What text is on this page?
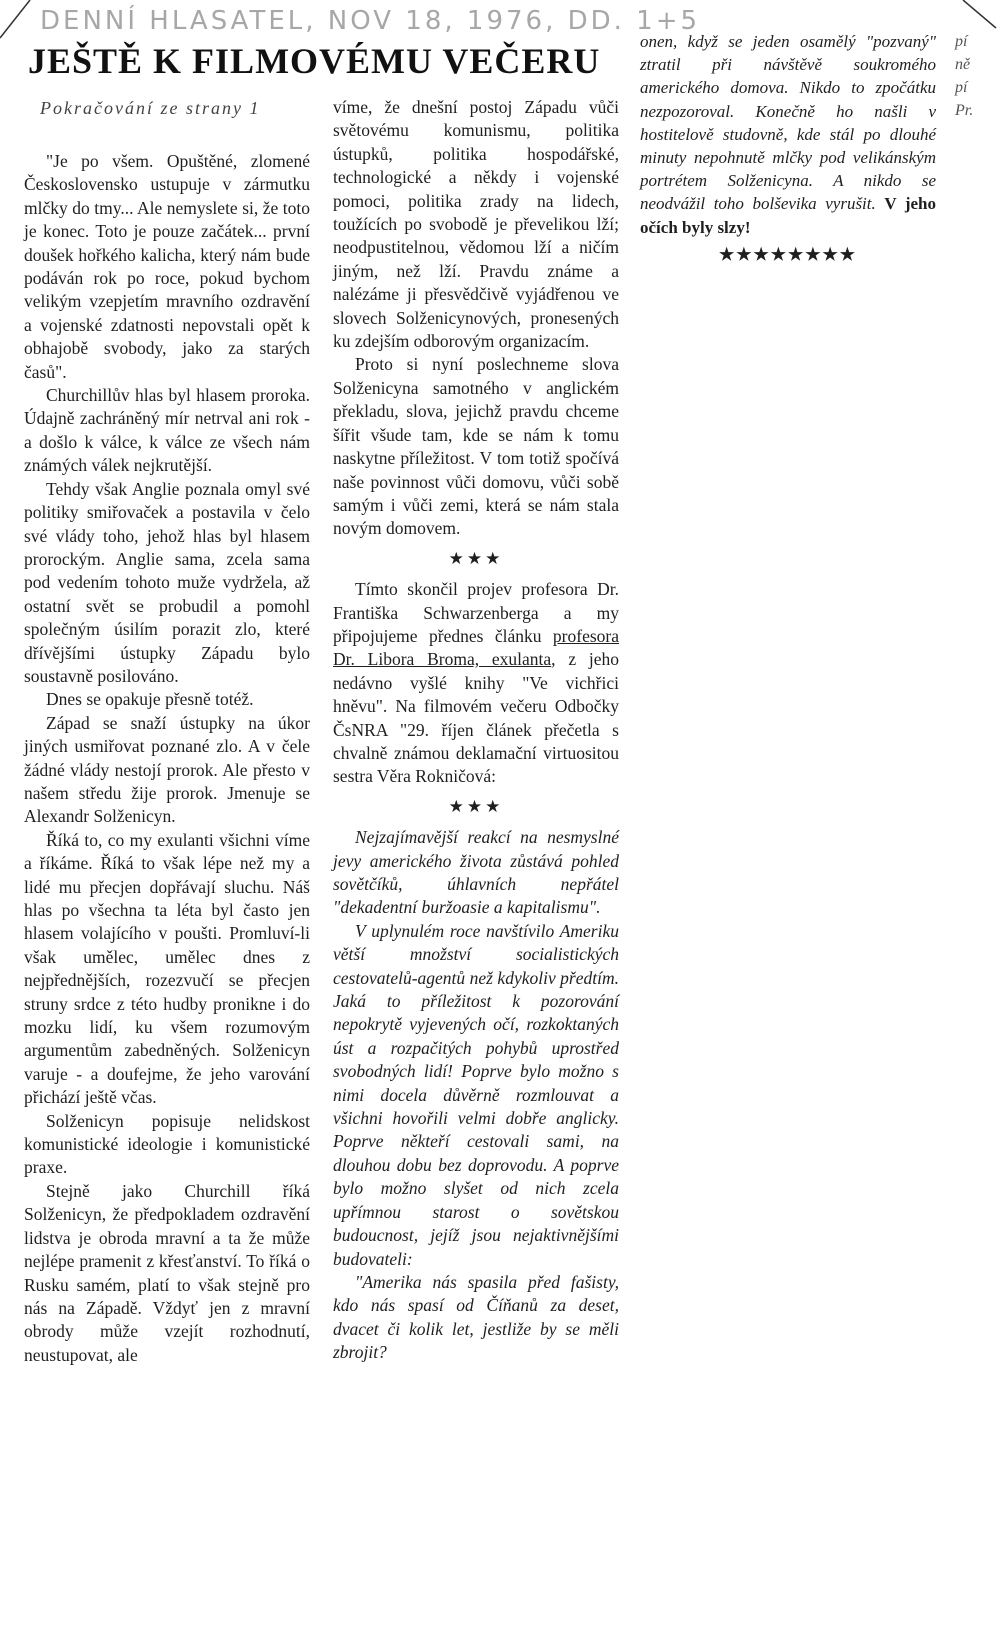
DENNÍ HLASATEL, NOV 18, 1976, DD. 1+5
JEŠTĚ K FILMOVÉMU VEČERU
Pokračování ze strany 1

"Je po všem. Opuštěné, zlomené Československo ustupuje v zármutku mlčky do tmy... Ale nemyslete si, že toto je konec. Toto je pouze začátek... první doušek hořkého kalicha, který nám bude podáván rok po roce, pokud bychom velikým vzepjetím mravního ozdravění a vojenské zdatnosti nepovstali opět k obhajobě svobody, jako za starých časů".

Churchillův hlas byl hlasem proroka. Údajně zachráněný mír netrval ani rok - a došlo k válce, k válce ze všech nám známých válek nejkrutější.

Tehdy však Anglie poznala omyl své politiky smiřovaček a postavila v čelo své vlády toho, jehož hlas byl hlasem prorockým. Anglie sama, zcela sama pod vedením tohoto muže vydržela, až ostatní svět se probudil a pomohl společným úsilím porazit zlo, které dřívějšími ústupky Západu bylo soustavně posilováno.

Dnes se opakuje přesně totéž.

Západ se snaží ústupky na úkor jiných usmiřovat poznané zlo. A v čele žádné vlády nestojí prorok. Ale přesto v našem středu žije prorok. Jmenuje se Alexandr Solženicyn.

Říká to, co my exulanti všichni víme a říkáme. Říká to však lépe než my a lidé mu přecjen dopřávají sluchu. Náš hlas po všechna ta léta byl často jen hlasem volajícího v poušti. Promluví-li však umělec, umělec dnes z nejpřednějších, rozezvučí se přecjen struny srdce z této hudby pronikne i do mozku lidí, ku všem rozumovým argumentům zabedněných. Solženicyn varuje - a doufejme, že jeho varování přichází ještě včas.

Solženicyn popisuje nelidskost komunistické ideologie i komunistické praxe.

Stejně jako Churchill říká Solženicyn, že předpokladem ozdravění lidstva je obroda mravní a ta že může nejlépe pramenit z křesťanství. To říká o Rusku samém, platí to však stejně pro nás na Západě. Vždyť jen z mravní obrody může vzejít rozhodnutí, neustupovat, ale

víme, že dnešní postoj Západu vůči světovému komunismu, politika ústupků, politika hospodářské, technologické a někdy i vojenské pomoci, politika zrady na lidech, toužících po svobodě je převelikou lží; neodpustitelnou, vědomou lží a ničím jiným, než lží. Pravdu známe a nalézáme ji přesvědčivě vyjádřenou ve slovech Solženicynových, pronesených ku zdejším odborovým organizacím.

Proto si nyní poslechneme slova Solženicyna samotného v anglickém překladu, slova, jejichž pravdu chceme šířit všude tam, kde se nám k tomu naskytne příležitost. V tom totiž spočívá naše povinnost vůči domovu, vůči sobě samým i vůči zemi, která se nám stala novým domovem.

★★★

Tímto skončil projev profesora Dr. Františka Schwarzenberga a my připojujeme přednes článku profesora Dr. Libora Broma, exulanta, z jeho nedávno vyšlé knihy "Ve vichřici hněvu". Na filmovém večeru Odbočky ČsNRA "29. říjen článek přečetla s chvalně známou deklamační virtuositou sestra Věra Rokničová:

★★★

Nejzajímavější reakcí na nesmyslné jevy amerického života zůstává pohled sovětčíků, úhlavních nepřátel "dekadentní buržoasie a kapitalismu".

V uplynulém roce navštívilo Ameriku větší množství socialistických cestovatelů-agentů než kdykoliv předtím. Jaká to příležitost k pozorování nepokrytě vyjevených očí, rozkoktaných úst a rozpačitých pohybů uprostřed svobodných lidí! Poprve bylo možno s nimi docela důvěrně rozmlouvat a všichni hovořili velmi dobře anglicky. Poprve někteří cestovali sami, na dlouhou dobu bez doprovodu. A poprve bylo možno slyšet od nich zcela upřímnou starost o sovětskou budoucnost, jejíž jsou nejaktivnějšími budovateli:

"Amerika nás spasila před fašisty, kdo nás spasí od Číňanů za deset, dvacet či kolik let, jestliže by se měli zbrojit?

onen, když se jeden osamělý "pozvaný" ztratil při návštěvě soukromého amerického domova. Nikdo to zpočátku nezpozoroval. Konečně ho našli v hostitelově studovně, kde stál po dlouhé minuty nepohnutě mlčky pod velikánským portrétem Solženicyna. A nikdo se neodvážil toho bolševika vyrušit. V jeho očích byly slzy!

★★★★★★★★
pí
ně
pí
Pr.
